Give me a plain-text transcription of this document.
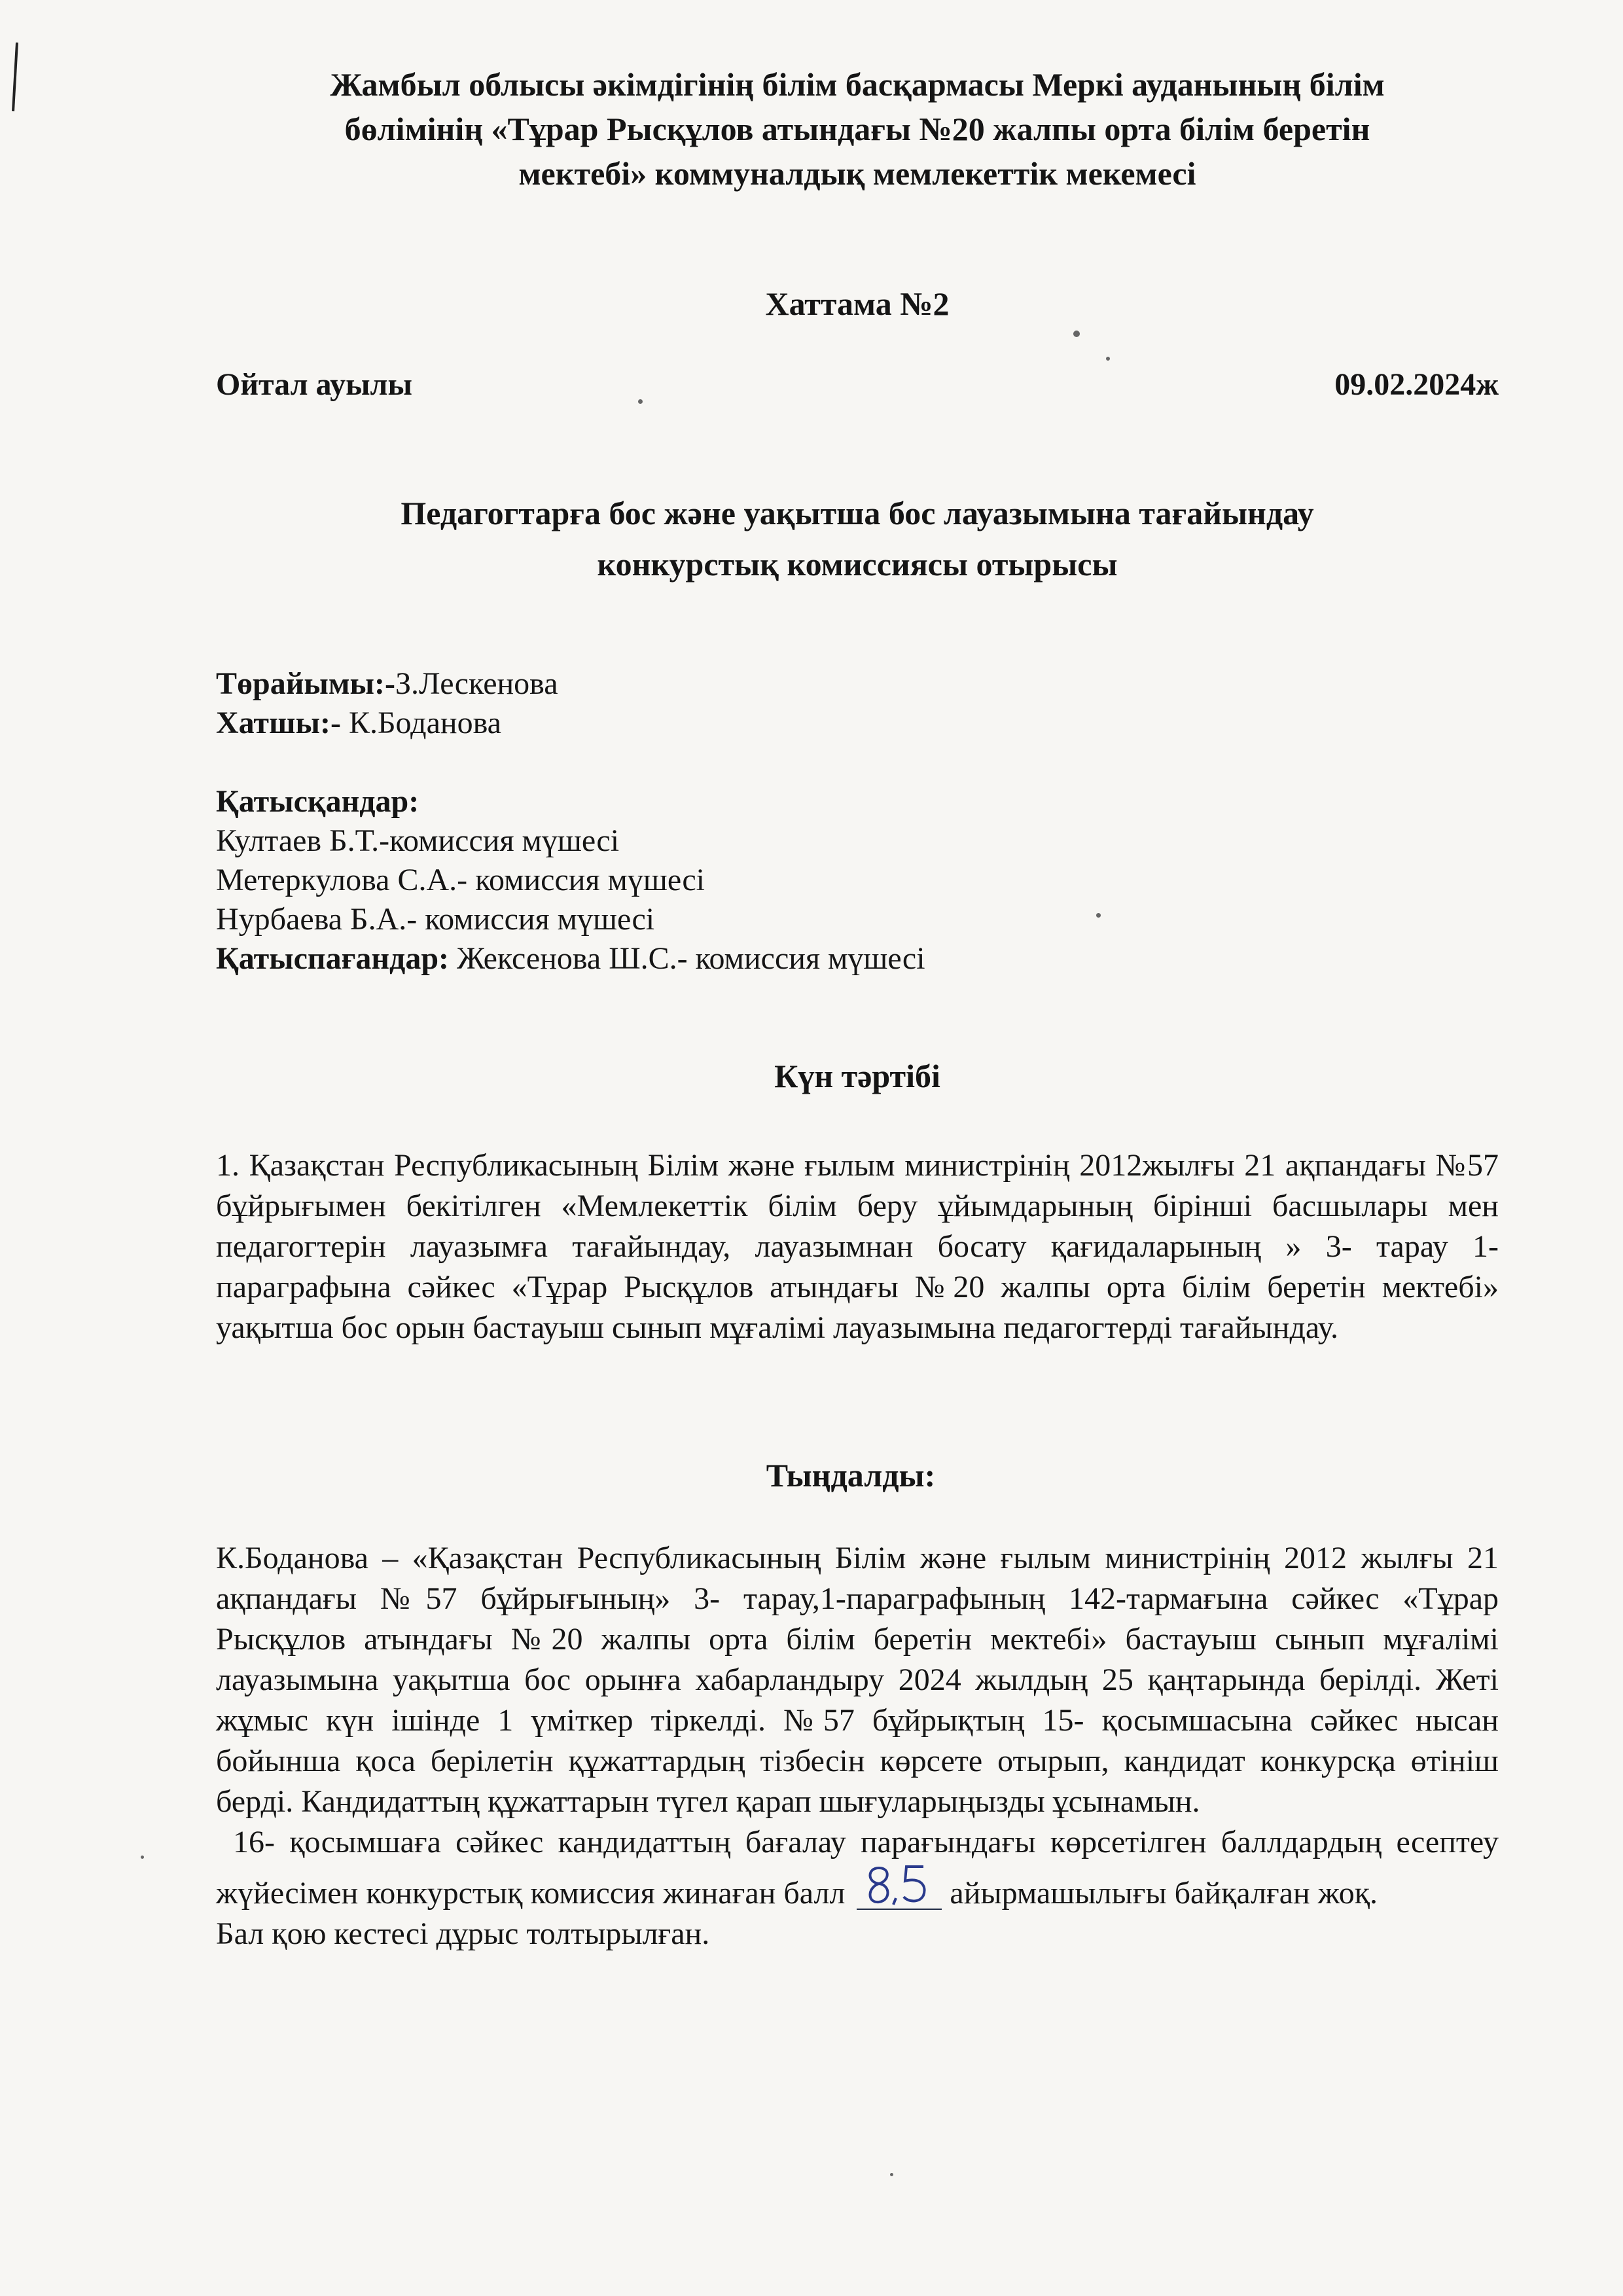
Жамбыл облысы әкімдігінің білім басқармасы Меркі ауданының білім
бөлімінің «Тұрар Рысқұлов атындағы №20 жалпы орта білім беретін
мектебі» коммуналдық мемлекеттік мекемесі
Хаттама №2
Ойтал ауылы	09.02.2024ж
Педагогтарға бос және уақытша бос лауазымына тағайындау
конкурстық комиссиясы отырысы
Төрайымы:-З.Лескенова
Хатшы:- К.Боданова
Қатысқандар:
Култаев Б.Т.-комиссия мүшесі
Метеркулова С.А.- комиссия мүшесі
Нурбаева Б.А.- комиссия мүшесі
Қатыспағандар: Жексенова Ш.С.- комиссия мүшесі
Күн тәртібі

1. Қазақстан Республикасының Білім және ғылым министрінің 2012жылғы 21 ақпандағы №57 бұйрығымен бекітілген «Мемлекеттік білім беру ұйымдарының бірінші басшылары мен педагогтерін лауазымға тағайындау, лауазымнан босату қағидаларының » 3- тарау 1-параграфына сәйкес «Тұрар Рысқұлов атындағы №20 жалпы орта білім беретін мектебі» уақытша бос орын бастауыш сынып мұғалімі лауазымына педагогтерді тағайындау.

Тыңдалды:

К.Боданова – «Қазақстан Республикасының Білім және ғылым министрінің 2012 жылғы 21 ақпандағы №57 бұйрығының» 3- тарау,1-параграфының 142-тармағына сәйкес «Тұрар Рысқұлов атындағы №20 жалпы орта білім беретін мектебі» бастауыш сынып мұғалімі лауазымына уақытша бос орынға хабарландыру 2024 жылдың 25 қаңтарында берілді. Жеті жұмыс күн ішінде 1 үміткер тіркелді. №57 бұйрықтың 15- қосымшасына сәйкес нысан бойынша қоса берілетін құжаттардың тізбесін көрсете отырып, кандидат конкурсқа өтініш берді. Кандидаттың құжаттарын түгел қарап шығуларыңызды ұсынамын.

16- қосымшаға сәйкес кандидаттың бағалау парағындағы көрсетілген баллдардың есептеу жүйесімен конкурстық комиссия жинаған балл	айырмашылығы байқалған жоқ.

Бал қою кестесі дұрыс толтырылған.
